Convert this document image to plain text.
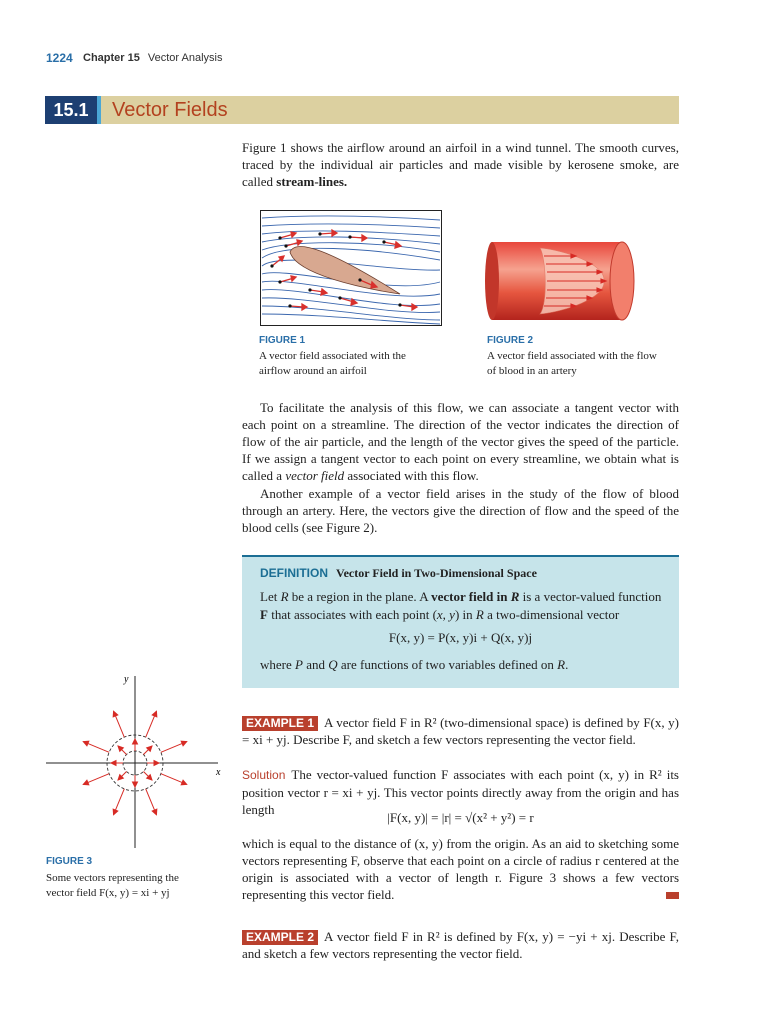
1224 Chapter 15 Vector Analysis
15.1	Vector Fields
Figure 1 shows the airflow around an airfoil in a wind tunnel. The smooth curves, traced by the individual air particles and made visible by kerosene smoke, are called stream-lines.
FIGURE 1
A vector field associated with the
airflow around an airfoil
FIGURE 2
A vector field associated with the flow
of blood in an artery
To facilitate the analysis of this flow, we can associate a tangent vector with each point on a streamline. The direction of the vector indicates the direction of flow of the air particle, and the length of the vector gives the speed of the particle. If we assign a tangent vector to each point on every streamline, we obtain what is called a vector field associated with this flow.
Another example of a vector field arises in the study of the flow of blood through an artery. Here, the vectors give the direction of flow and the speed of the blood cells (see Figure 2).
DEFINITION Vector Field in Two-Dimensional Space
Let R be a region in the plane. A vector field in R is a vector-valued function
F that associates with each point (x, y) in R a two-dimensional vector
F(x, y) = P(x, y)i + Q(x, y)j
where P and Q are functions of two variables defined on R.
EXAMPLE 1 A vector field F in R² (two-dimensional space) is defined by F(x, y) = xi + yj. Describe F, and sketch a few vectors representing the vector field.
Solution The vector-valued function F associates with each point (x, y) in R² its position vector r = xi + yj. This vector points directly away from the origin and has length
|F(x, y)| = |r| = √(x² + y²) = r
which is equal to the distance of (x, y) from the origin. As an aid to sketching some vectors representing F, observe that each point on a circle of radius r centered at the origin is associated with a vector of length r. Figure 3 shows a few vectors representing this vector field.
x
y
FIGURE 3
Some vectors representing the
vector field F(x, y) = xi + yj
EXAMPLE 2 A vector field F in R² is defined by F(x, y) = −yi + xj. Describe F, and sketch a few vectors representing the vector field.
